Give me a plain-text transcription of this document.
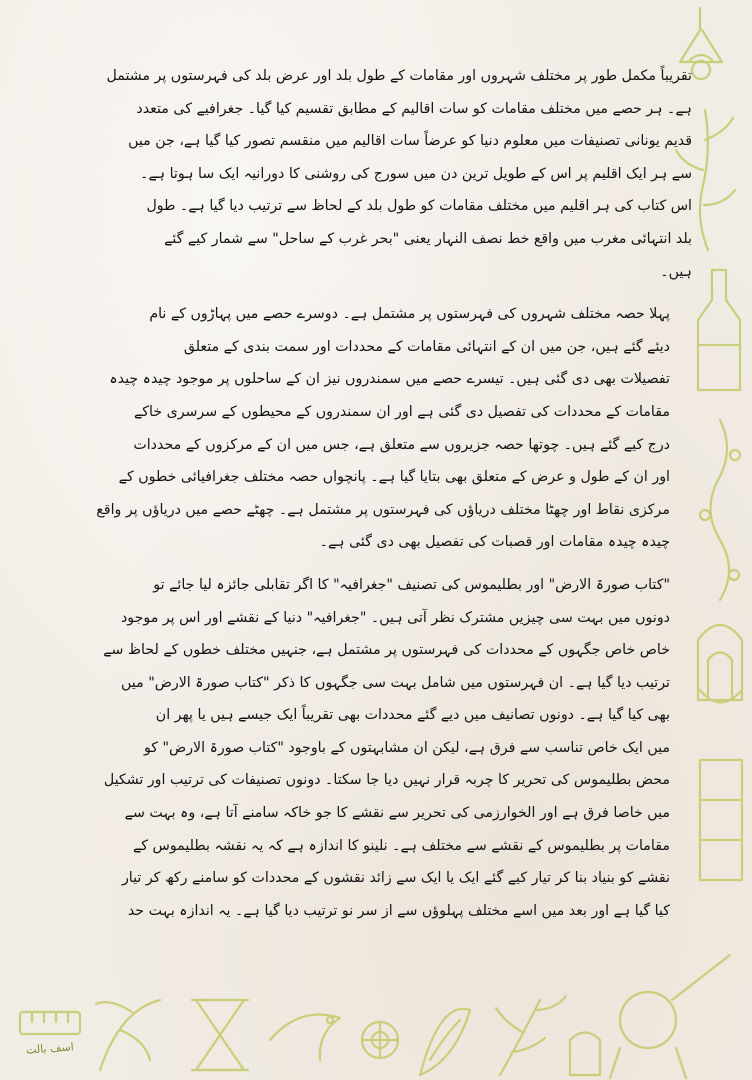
تقریباً مکمل طور پر مختلف شہروں اور مقامات کے طول بلد اور عرض بلد کی فہرستوں پر مشتمل
ہے۔ ہر حصے میں مختلف مقامات کو سات اقالیم کے مطابق تقسیم کیا گیا۔ جغرافیے کی متعدد
قدیم یونانی تصنیفات میں معلوم دنیا کو عرضاً سات اقالیم میں منقسم تصور کیا گیا ہے، جن میں
سے ہر ایک اقلیم پر اس کے طویل ترین دن میں سورج کی روشنی کا دورانیہ ایک سا ہوتا ہے۔
اس کتاب کی ہر اقلیم میں مختلف مقامات کو طول بلد کے لحاظ سے ترتیب دیا گیا ہے۔ طول
بلد انتہائی مغرب میں واقع خط نصف النہار یعنی "بحر غرب کے ساحل" سے شمار کیے گئے
ہیں۔

پہلا حصہ مختلف شہروں کی فہرستوں پر مشتمل ہے۔ دوسرے حصے میں پہاڑوں کے نام
دیئے گئے ہیں، جن میں ان کے انتہائی مقامات کے محددات اور سمت بندی کے متعلق
تفصیلات بھی دی گئی ہیں۔ تیسرے حصے میں سمندروں نیز ان کے ساحلوں پر موجود چیدہ چیدہ
مقامات کے محددات کی تفصیل دی گئی ہے اور ان سمندروں کے محیطوں کے سرسری خاکے
درج کیے گئے ہیں۔ چوتھا حصہ جزیروں سے متعلق ہے، جس میں ان کے مرکزوں کے محددات
اور ان کے طول و عرض کے متعلق بھی بتایا گیا ہے۔ پانچواں حصہ مختلف جغرافیائی خطوں کے
مرکزی نقاط اور چھٹا مختلف دریاؤں کی فہرستوں پر مشتمل ہے۔ چھٹے حصے میں دریاؤں پر واقع
چیدہ چیدہ مقامات اور قصبات کی تفصیل بھی دی گئی ہے۔

"کتاب صورۃ الارض" اور بطلیموس کی تصنیف "جغرافیہ" کا اگر تقابلی جائزہ لیا جائے تو
دونوں میں بہت سی چیزیں مشترک نظر آتی ہیں۔ "جغرافیہ" دنیا کے نقشے اور اس پر موجود
خاص خاص جگہوں کے محددات کی فہرستوں پر مشتمل ہے، جنہیں مختلف خطوں کے لحاظ سے
ترتیب دیا گیا ہے۔ ان فہرستوں میں شامل بہت سی جگہوں کا ذکر "کتاب صورۃ الارض" میں
بھی کیا گیا ہے۔ دونوں تصانیف میں دیے گئے محددات بھی تقریباً ایک جیسے ہیں یا پھر ان
میں ایک خاص تناسب سے فرق ہے، لیکن ان مشابہتوں کے باوجود "کتاب صورۃ الارض" کو
محض بطلیموس کی تحریر کا چربہ قرار نہیں دیا جا سکتا۔ دونوں تصنیفات کی ترتیب اور تشکیل
میں خاصا فرق ہے اور الخوارزمی کی تحریر سے نقشے کا جو خاکہ سامنے آتا ہے، وہ بہت سے
مقامات پر بطلیموس کے نقشے سے مختلف ہے۔ نلینو کا اندازہ ہے کہ یہ نقشہ بطلیموس کے
نقشے کو بنیاد بنا کر تیار کیے گئے ایک یا ایک سے زائد نقشوں کے محددات کو سامنے رکھ کر تیار
کیا گیا ہے اور بعد میں اسے مختلف پہلوؤں سے از سر نو ترتیب دیا گیا ہے۔ یہ اندازہ بہت حد

اسف بالت
